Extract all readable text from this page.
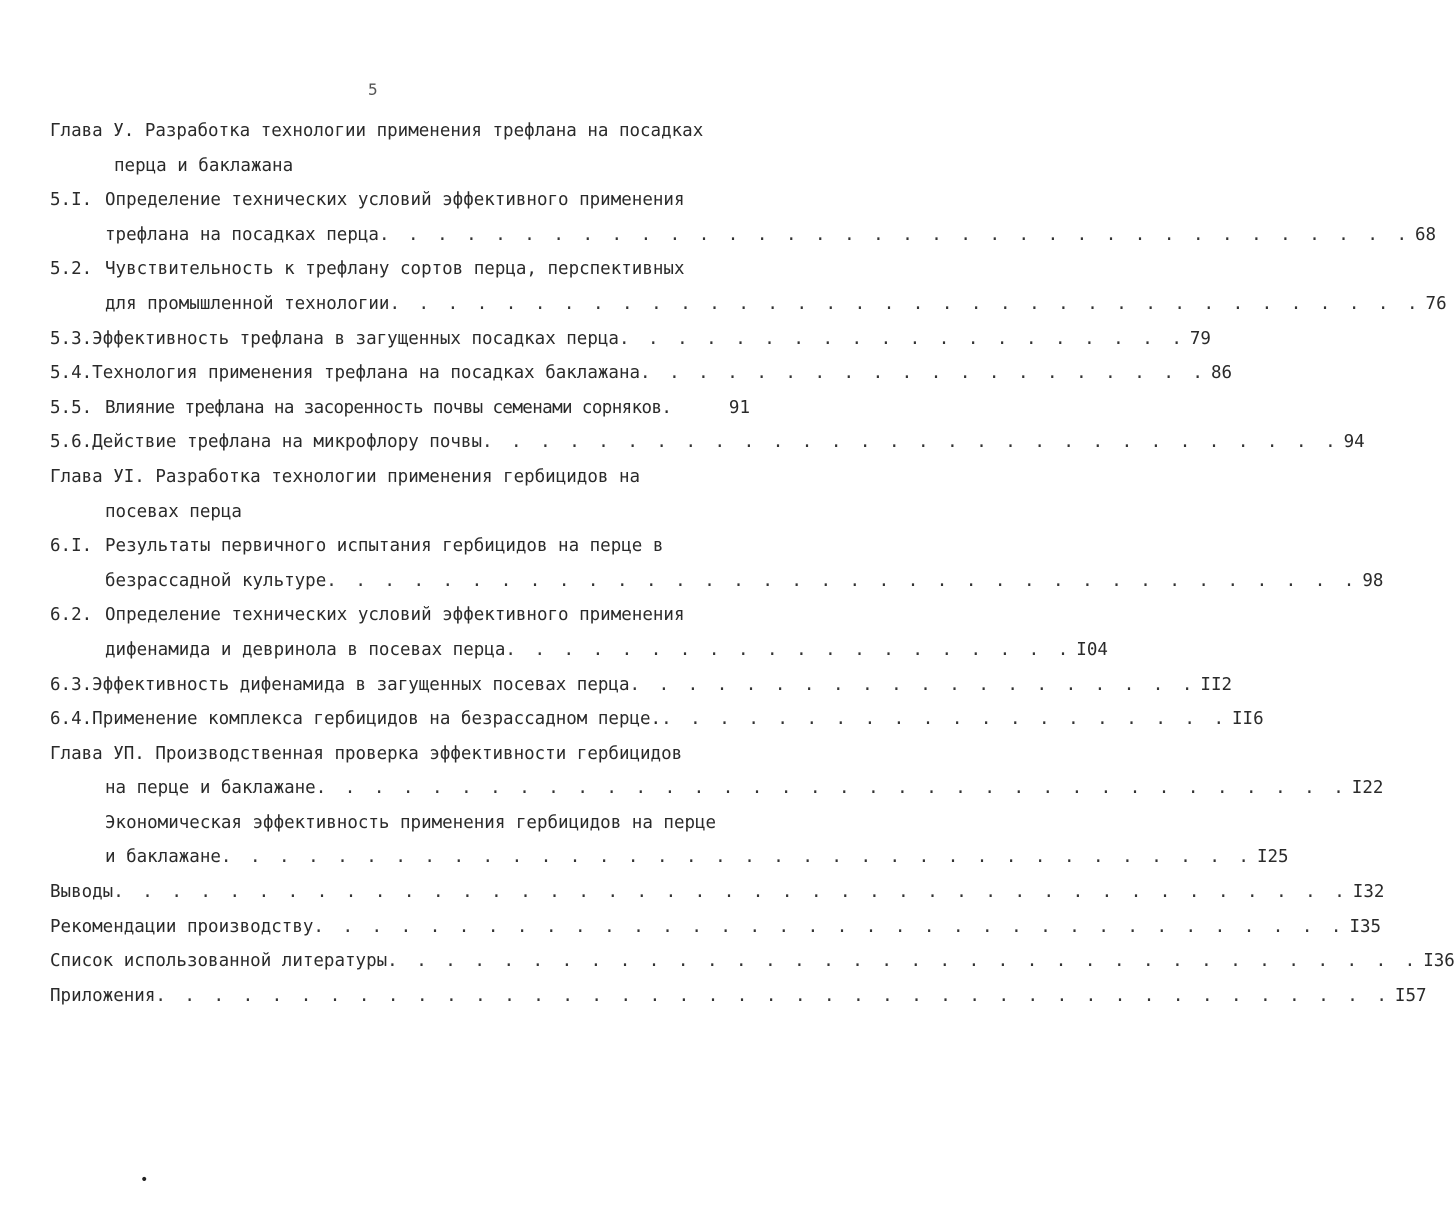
5
Глава У. Разработка технологии применения трефлана на посадках
перца и баклажана
5.I. Определение технических условий эффективного применения
трефлана на посадках перца . . . . . . . . . . . . . . . . . . . . . . . . . . . . . . . . . . . . 68
5.2. Чувствительность к трефлану сортов перца, перспективных
для промышленной технологии . . . . . . . . . . . . . . . . . . . . . . . . . . . . . . . . . . . . 76
5.3. Эффективность трефлана в загущенных посадках перца . . . . . . . . . . . . . . . . . . . . 79
5.4. Технология применения трефлана на посадках баклажана . . . . . . . . . . . . . . . . . . . . 86
5.5. Влияние трефлана на засоренность почвы семенами сорняков.	91
5.6. Действие трефлана на микрофлору почвы . . . . . . . . . . . . . . . . . . . . . . . . . . . . . . 94
Глава УI. Разработка технологии применения гербицидов на
посевах перца
6.I. Результаты первичного испытания гербицидов на перце в
безрассадной культуре . . . . . . . . . . . . . . . . . . . . . . . . . . . . . . . . . . . . 98
6.2. Определение технических условий эффективного применения
дифенамида и девринола в посевах перца . . . . . . . . . . . . . . . . . . . . I04
6.3. Эффективность дифенамида в загущенных посевах перца . . . . . . . . . . . . . . . . . . . . II2
6.4. Применение комплекса гербицидов на безрассадном перце. . . . . . . . . . . . . . . . . . . . . II6
Глава УП. Производственная проверка эффективности гербицидов
на перце и баклажане . . . . . . . . . . . . . . . . . . . . . . . . . . . . . . . . . . . . I22
Экономическая эффективность применения гербицидов на перце
и баклажане . . . . . . . . . . . . . . . . . . . . . . . . . . . . . . . . . . . . I25
Выводы . . . . . . . . . . . . . . . . . . . . . . . . . . . . . . . . . . . . . . . . . . . I32
Рекомендации производству . . . . . . . . . . . . . . . . . . . . . . . . . . . . . . . . . . . . I35
Список использованной литературы . . . . . . . . . . . . . . . . . . . . . . . . . . . . . . . . . . . . I36
Приложения . . . . . . . . . . . . . . . . . . . . . . . . . . . . . . . . . . . . . . . . . . . I57
•
